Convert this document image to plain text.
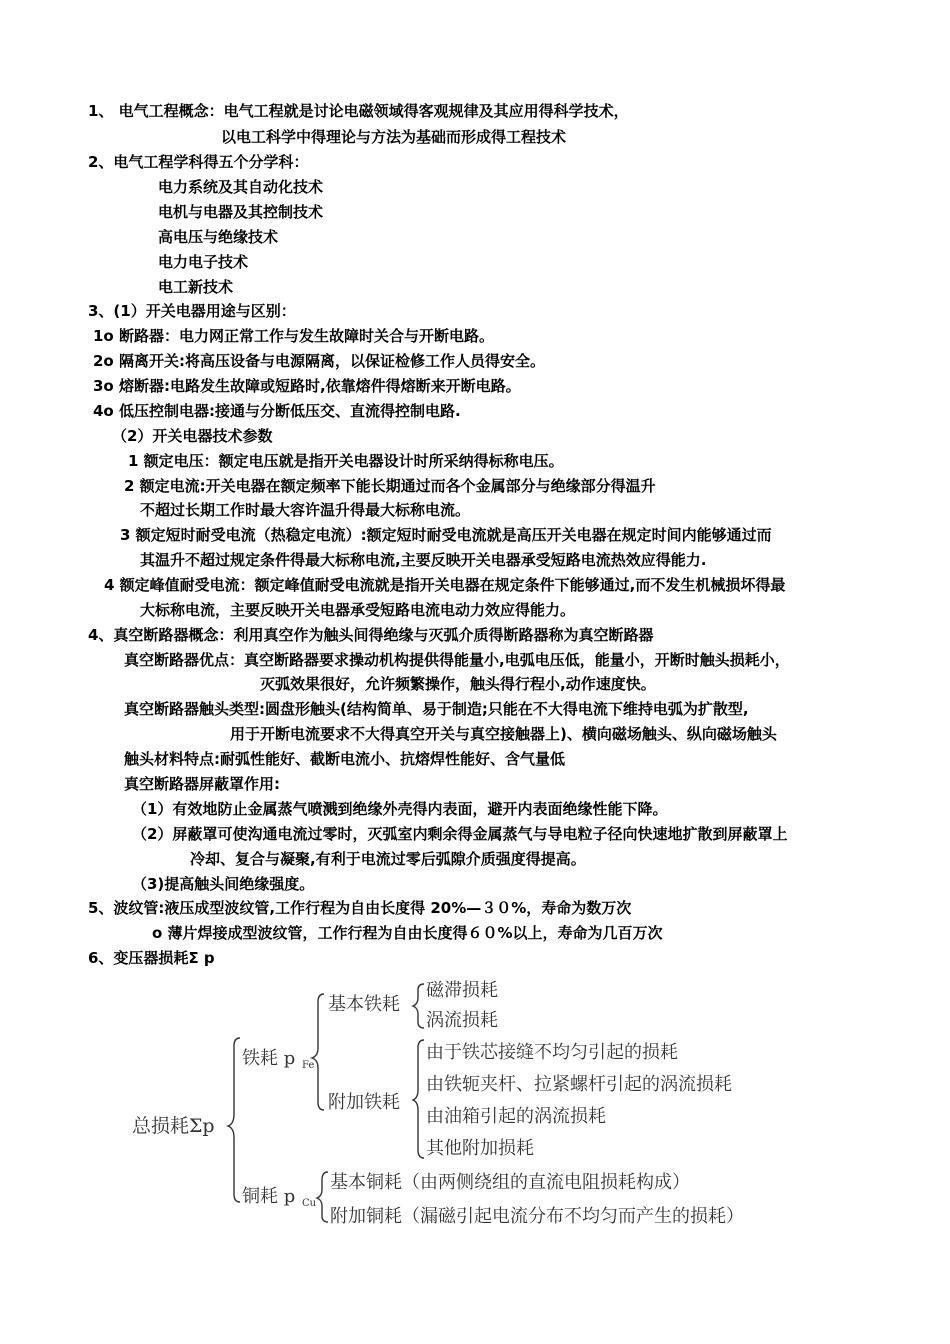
1、 电气工程概念：电气工程就是讨论电磁领域得客观规律及其应用得科学技术，
以电工科学中得理论与方法为基础而形成得工程技术
2、电气工程学科得五个分学科：
电力系统及其自动化技术
电机与电器及其控制技术
高电压与绝缘技术
电力电子技术
电工新技术
3、(1）开关电器用途与区别：
1o 断路器：电力网正常工作与发生故障时关合与开断电路。
2o 隔离开关:将高压设备与电源隔离，以保证检修工作人员得安全。
3o 熔断器:电路发生故障或短路时,依靠熔件得熔断来开断电路。
4o 低压控制电器:接通与分断低压交、直流得控制电路.
（2）开关电器技术参数
1 额定电压：额定电压就是指开关电器设计时所采纳得标称电压。
2 额定电流:开关电器在额定频率下能长期通过而各个金属部分与绝缘部分得温升
不超过长期工作时最大容许温升得最大标称电流。
3 额定短时耐受电流（热稳定电流）:额定短时耐受电流就是高压开关电器在规定时间内能够通过而
其温升不超过规定条件得最大标称电流,主要反映开关电器承受短路电流热效应得能力.
4 额定峰值耐受电流：额定峰值耐受电流就是指开关电器在规定条件下能够通过,而不发生机械损坏得最
大标称电流，主要反映开关电器承受短路电流电动力效应得能力。
4、真空断路器概念：利用真空作为触头间得绝缘与灭弧介质得断路器称为真空断路器
真空断路器优点：真空断路器要求操动机构提供得能量小,电弧电压低，能量小，开断时触头损耗小，
灭弧效果很好，允许频繁操作，触头得行程小,动作速度快。
真空断路器触头类型:圆盘形触头(结构简单、易于制造;只能在不大得电流下维持电弧为扩散型,
用于开断电流要求不大得真空开关与真空接触器上)、横向磁场触头、纵向磁场触头
触头材料特点:耐弧性能好、截断电流小、抗熔焊性能好、含气量低
真空断路器屏蔽罩作用:
（1）有效地防止金属蒸气喷溅到绝缘外壳得内表面，避开内表面绝缘性能下降。
（2）屏蔽罩可使沟通电流过零时，灭弧室内剩余得金属蒸气与导电粒子径向快速地扩散到屏蔽罩上
冷却、复合与凝聚,有利于电流过零后弧隙介质强度得提高。
（3)提高触头间绝缘强度。
5、波纹管:液压成型波纹管,工作行程为自由长度得 20%—３０%，寿命为数万次
o 薄片焊接成型波纹管，工作行程为自由长度得６０%以上，寿命为几百万次
6、变压器损耗Σ p
总损耗Σp
铁耗 p Fe
基本铁耗
磁滞损耗
涡流损耗
附加铁耗
由于铁芯接缝不均匀引起的损耗
由铁轭夹杆、拉紧螺杆引起的涡流损耗
由油箱引起的涡流损耗
其他附加损耗
铜耗 p Cu
基本铜耗（由两侧绕组的直流电阻损耗构成）
附加铜耗（漏磁引起电流分布不均匀而产生的损耗）
